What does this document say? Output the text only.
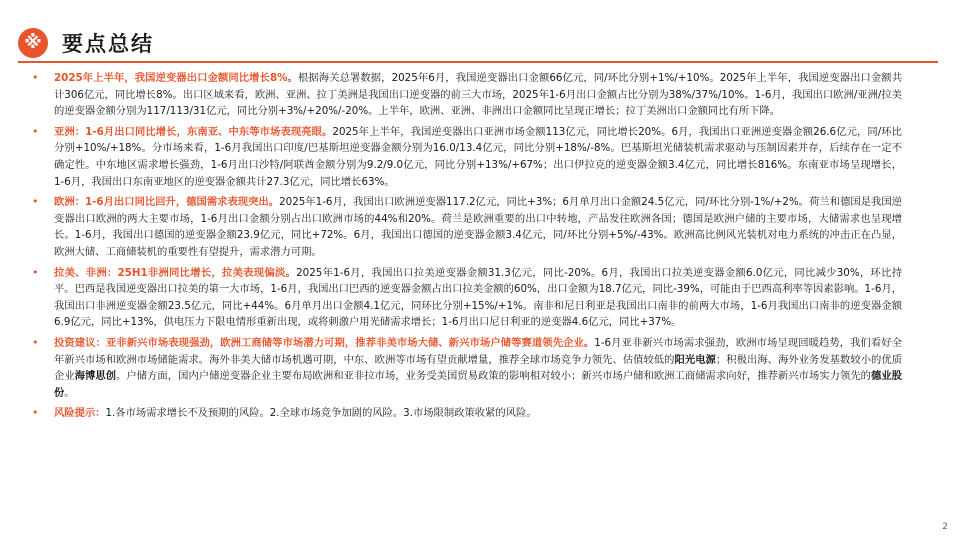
※ 要点总结
• 2025年上半年，我国逆变器出口金额同比增长8%。根据海关总署数据，2025年6月，我国逆变器出口金额66亿元，同/环比分别+1%/+10%。2025年上半年，我国逆变器出口金额共计306亿元，同比增长8%。出口区域来看，欧洲、亚洲、拉丁美洲是我国出口逆变器的前三大市场，2025年1-6月出口金额占比分别为38%/37%/10%。1-6月，我国出口欧洲/亚洲/拉美的逆变器金额分别为117/113/31亿元，同比分别+3%/+20%/-20%。上半年，欧洲、亚洲、非洲出口金额同比呈现正增长；拉丁美洲出口金额同比有所下降。
• 亚洲：1-6月出口同比增长，东南亚、中东等市场表现亮眼。2025年上半年，我国逆变器出口亚洲市场金额113亿元，同比增长20%。6月，我国出口亚洲逆变器金额26.6亿元，同/环比分别+10%/+18%。分市场来看，1-6月我国出口印度/巴基斯坦逆变器金额分别为16.0/13.4亿元，同比分别+18%/-8%。巴基斯坦光储装机需求驱动与压制因素并存，后续存在一定不确定性。中东地区需求增长强劲，1-6月出口沙特/阿联酋金额分别为9.2/9.0亿元，同比分别+13%/+67%；出口伊拉克的逆变器金额3.4亿元，同比增长816%。东南亚市场呈现增长，1-6月，我国出口东南亚地区的逆变器金额共计27.3亿元，同比增长63%。
• 欧洲：1-6月出口同比回升，德国需求表现突出。2025年1-6月，我国出口欧洲逆变器117.2亿元，同比+3%；6月单月出口金额24.5亿元，同/环比分别-1%/+2%。荷兰和德国是我国逆变器出口欧洲的两大主要市场，1-6月出口金额分别占出口欧洲市场的44%和20%。荷兰是欧洲重要的出口中转地，产品发往欧洲各国；德国是欧洲户储的主要市场，大储需求也呈现增长。1-6月，我国出口德国的逆变器金额23.9亿元，同比+72%。6月，我国出口德国的逆变器金额3.4亿元，同/环比分别+5%/-43%。欧洲高比例风光装机对电力系统的冲击正在凸显，欧洲大储、工商储装机的重要性有望提升，需求潜力可期。
• 拉美、非洲：25H1非洲同比增长，拉美表现偏淡。2025年1-6月，我国出口拉美逆变器金额31.3亿元，同比-20%。6月，我国出口拉美逆变器金额6.0亿元，同比减少30%，环比持平。巴西是我国逆变器出口拉美的第一大市场，1-6月，我国出口巴西的逆变器金额占出口拉美金额的60%，出口金额为18.7亿元，同比-39%，可能由于巴西高利率等因素影响。1-6月，我国出口非洲逆变器金额23.5亿元，同比+44%。6月单月出口金额4.1亿元，同环比分别+15%/+1%。南非和尼日利亚是我国出口南非的前两大市场，1-6月我国出口南非的逆变器金额6.9亿元，同比+13%，供电压力下限电情形重新出现，或将刺激户用光储需求增长；1-6月出口尼日利亚的逆变器4.6亿元，同比+37%。
• 投资建议：亚非新兴市场表现强劲，欧洲工商储等市场潜力可期，推荐非美市场大储、新兴市场户储等赛道领先企业。1-6月亚非新兴市场需求强劲，欧洲市场呈现回暖趋势，我们看好全年新兴市场和欧洲市场储能需求。海外非美大储市场机遇可期，中东、欧洲等市场有望贡献增量，推荐全球市场竞争力领先、估值较低的阳光电源；积极出海、海外业务发基数较小的优质企业海博思创。户储方面，国内户储逆变器企业主要布局欧洲和亚非拉市场，业务受美国贸易政策的影响相对较小；新兴市场户储和欧洲工商储需求向好，推荐新兴市场实力领先的德业股份。
• 风险提示：1.各市场需求增长不及预期的风险。2.全球市场竞争加剧的风险。3.市场限制政策收紧的风险。
2
